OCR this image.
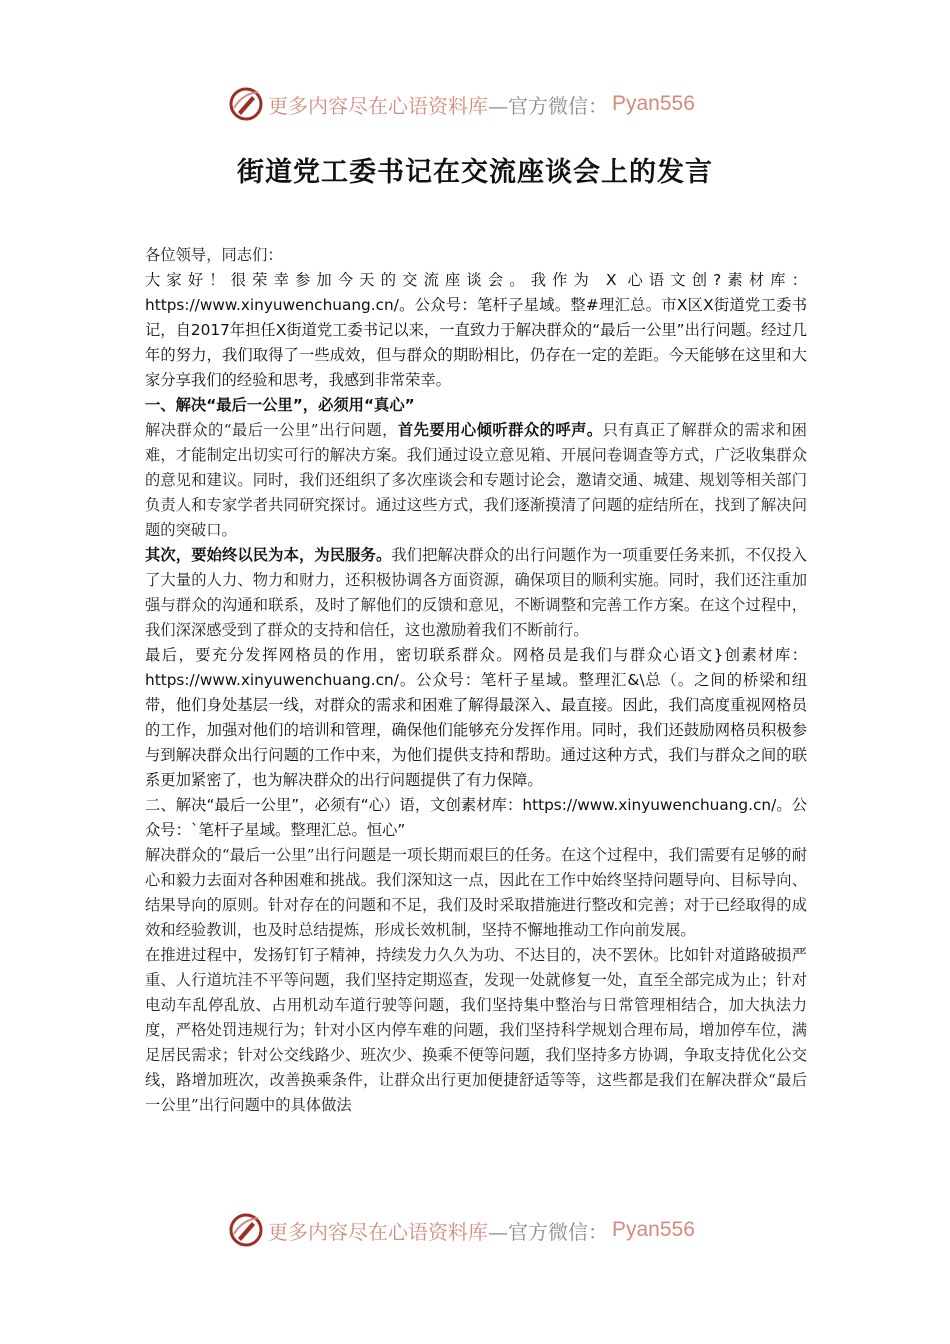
更多内容尽在心语资料库 —官方微信： Pyan556
街道党工委书记在交流座谈会上的发言

各位领导，同志们：

大家好！很荣幸参加今天的交流座谈会。我作为 X 心语文创?素材库：https://www.xinyuwenchuang.cn/。公众号：笔杆子星域。整#理汇总。市X区X街道党工委书记，自2017年担任X街道党工委书记以来，一直致力于解决群众的“最后一公里”出行问题。经过几年的努力，我们取得了一些成效，但与群众的期盼相比，仍存在一定的差距。今天能够在这里和大家分享我们的经验和思考，我感到非常荣幸。

一、解决“最后一公里”，必须用“真心”

解决群众的“最后一公里”出行问题，首先要用心倾听群众的呼声。只有真正了解群众的需求和困难，才能制定出切实可行的解决方案。我们通过设立意见箱、开展问卷调查等方式，广泛收集群众的意见和建议。同时，我们还组织了多次座谈会和专题讨论会，邀请交通、城建、规划等相关部门负责人和专家学者共同研究探讨。通过这些方式，我们逐渐摸清了问题的症结所在，找到了解决问题的突破口。

其次，要始终以民为本，为民服务。我们把解决群众的出行问题作为一项重要任务来抓，不仅投入了大量的人力、物力和财力，还积极协调各方面资源，确保项目的顺利实施。同时，我们还注重加强与群众的沟通和联系，及时了解他们的反馈和意见，不断调整和完善工作方案。在这个过程中，我们深深感受到了群众的支持和信任，这也激励着我们不断前行。

最后，要充分发挥网格员的作用，密切联系群众。网格员是我们与群众心语文}创素材库：https://www.xinyuwenchuang.cn/。公众号：笔杆子星域。整理汇&\总（。之间的桥梁和纽带，他们身处基层一线，对群众的需求和困难了解得最深入、最直接。因此，我们高度重视网格员的工作，加强对他们的培训和管理，确保他们能够充分发挥作用。同时，我们还鼓励网格员积极参与到解决群众出行问题的工作中来，为他们提供支持和帮助。通过这种方式，我们与群众之间的联系更加紧密了，也为解决群众的出行问题提供了有力保障。

二、解决“最后一公里”，必须有“心）语，文创素材库：https://www.xinyuwenchuang.cn/。公众号：`笔杆子星域。整理汇总。恒心”

解决群众的“最后一公里”出行问题是一项长期而艰巨的任务。在这个过程中，我们需要有足够的耐心和毅力去面对各种困难和挑战。我们深知这一点，因此在工作中始终坚持问题导向、目标导向、结果导向的原则。针对存在的问题和不足，我们及时采取措施进行整改和完善；对于已经取得的成效和经验教训，也及时总结提炼，形成长效机制，坚持不懈地推动工作向前发展。

在推进过程中，发扬钉钉子精神，持续发力久久为功、不达目的，决不罢休。比如针对道路破损严重、人行道坑洼不平等问题，我们坚持定期巡查，发现一处就修复一处，直至全部完成为止；针对电动车乱停乱放、占用机动车道行驶等问题，我们坚持集中整治与日常管理相结合，加大执法力度，严格处罚违规行为；针对小区内停车难的问题，我们坚持科学规划合理布局，增加停车位，满足居民需求；针对公交线路少、班次少、换乘不便等问题，我们坚持多方协调，争取支持优化公交线，路增加班次，改善换乘条件，让群众出行更加便捷舒适等等，这些都是我们在解决群众“最后一公里”出行问题中的具体做法

更多内容尽在心语资料库 —官方微信： Pyan556
